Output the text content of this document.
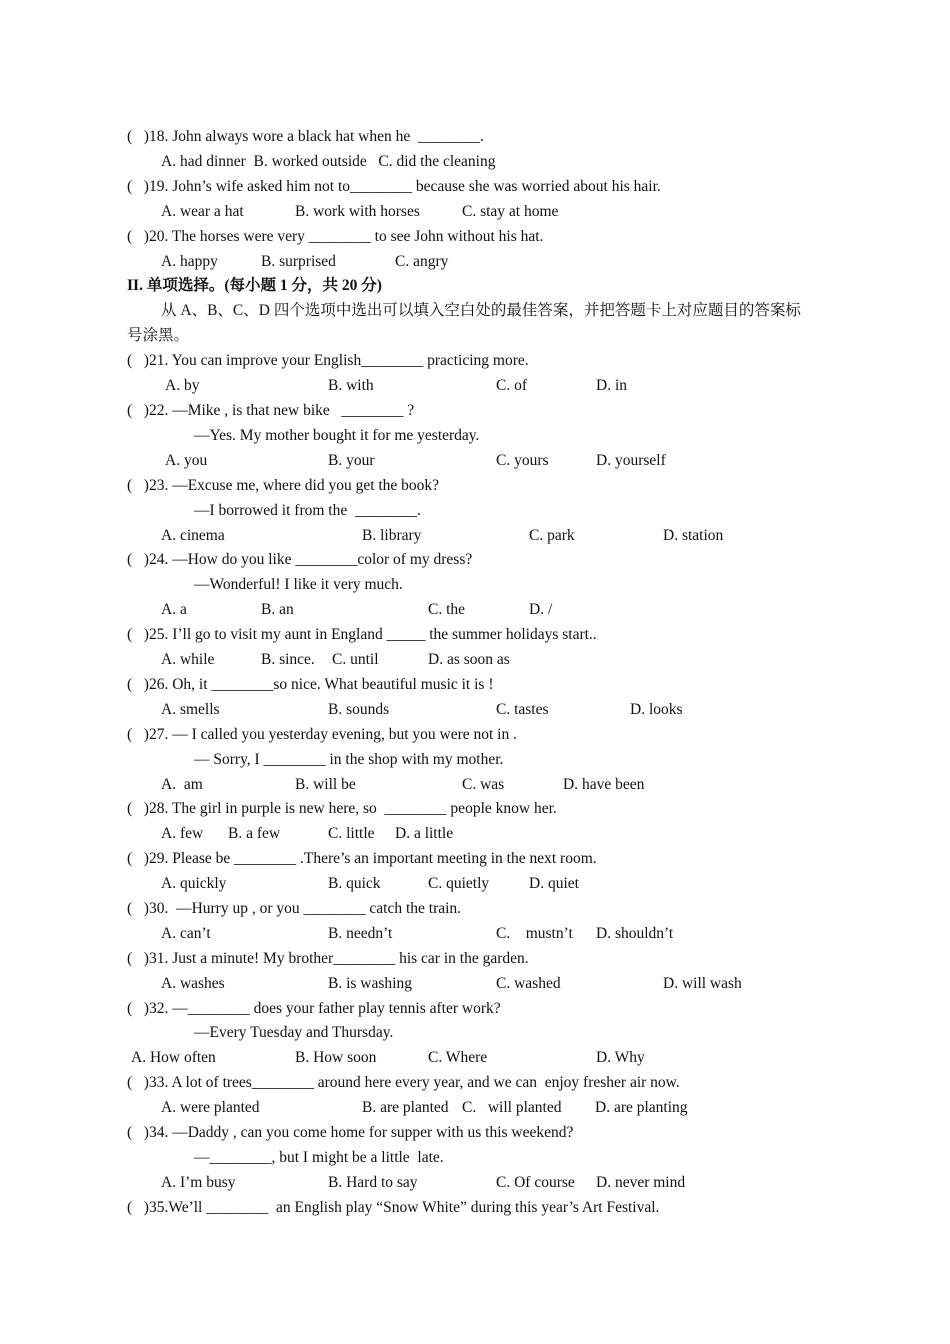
(   )18. John always wore a black hat when he  ________.
A. had dinner  B. worked outside   C. did the cleaning
(   )19. John’s wife asked him not to________ because she was worried about his hair.
A. wear a hat	B. work with horses	C. stay at home
(   )20. The horses were very ________ to see John without his hat.
A. happy	B. surprised	C. angry
II. 单项选择。(每小题 1 分，共 20 分)
从 A、B、C、D 四个选项中选出可以填入空白处的最佳答案，并把答题卡上对应题目的答案标
号涂黑。
(   )21. You can improve your English________ practicing more.
A. by	B. with	C. of	D. in
(   )22. —Mike , is that new bike   ________ ?
—Yes. My mother bought it for me yesterday.
A. you	B. your	C. yours	D. yourself
(   )23. —Excuse me, where did you get the book?
—I borrowed it from the  ________.
A. cinema	B. library	C. park	D. station
(   )24. —How do you like ________color of my dress?
—Wonderful! I like it very much.
A. a	B. an	C. the	D. /
(   )25. I’ll go to visit my aunt in England _____ the summer holidays start..
A. while	B. since. C. until	D. as soon as
(   )26. Oh, it ________so nice. What beautiful music it is !
A. smells	B. sounds	C. tastes	D. looks
(   )27. — I called you yesterday evening, but you were not in .
— Sorry, I ________ in the shop with my mother.
A.  am	B. will be	C. was	D. have been
(   )28. The girl in purple is new here, so  ________ people know her.
A. few B. a few	C. little D. a little
(   )29. Please be ________ .There’s an important meeting in the next room.
A. quickly	B. quick	C. quietly	D. quiet
(   )30.  —Hurry up , or you ________ catch the train.
A. can’t	B. needn’t	C.    mustn’t D. shouldn’t
(   )31. Just a minute! My brother________ his car in the garden.
A. washes	B. is washing	C. washed	D. will wash
(   )32. —________ does your father play tennis after work?
—Every Tuesday and Thursday.
A. How often	B. How soon	C. Where	D. Why
(   )33. A lot of trees________ around here every year, and we can  enjoy fresher air now.
A. were planted	B. are planted C.   will planted D. are planting
(   )34. —Daddy , can you come home for supper with us this weekend?
—________, but I might be a little  late.
A. I’m busy	B. Hard to say	C. Of course D. never mind
(   )35.We’ll ________  an English play “Snow White” during this year’s Art Festival.
